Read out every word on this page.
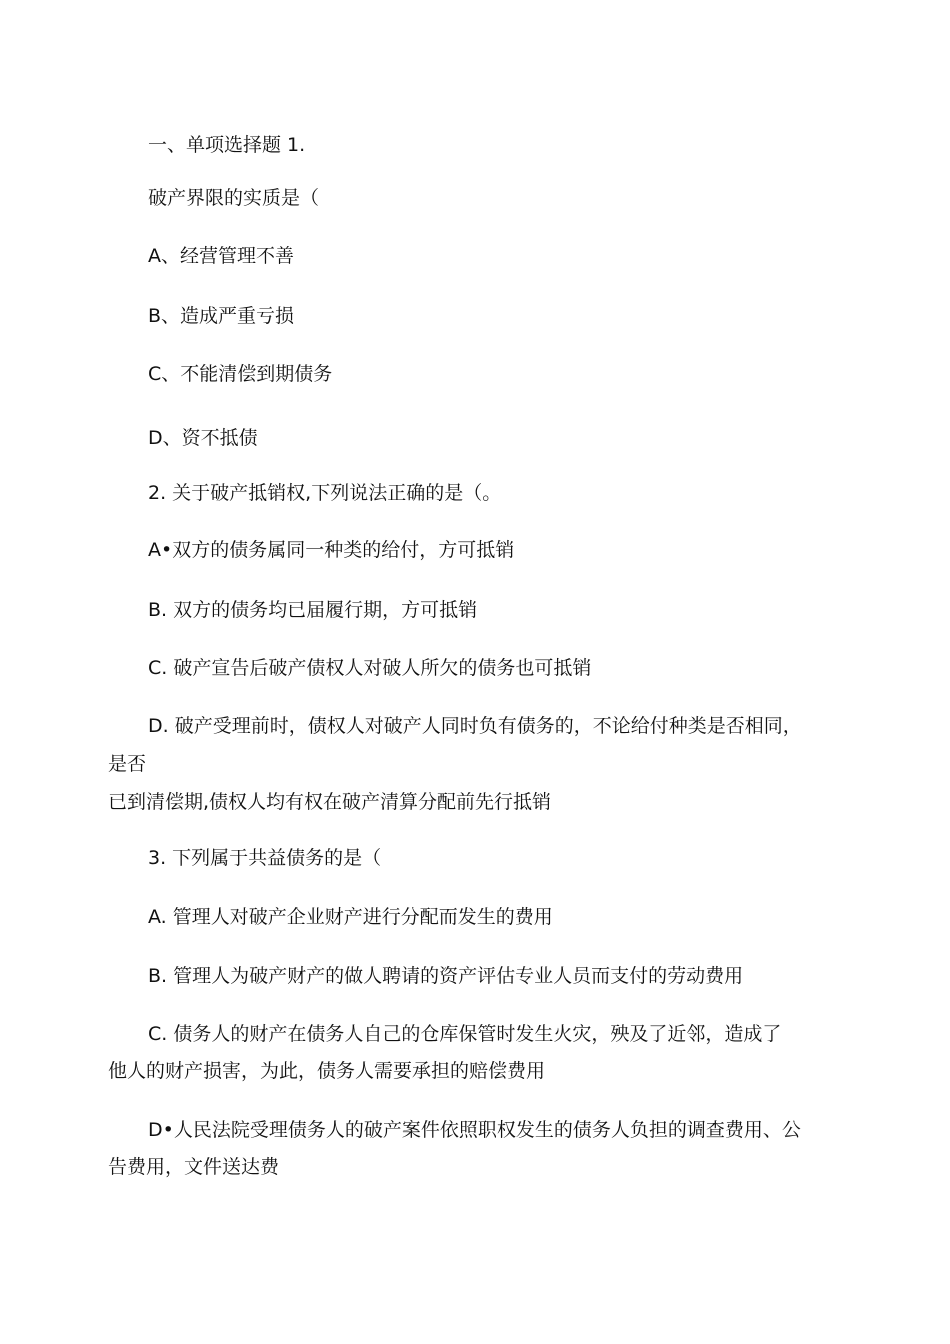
一、单项选择题 1.
破产界限的实质是（
A、经营管理不善
B、造成严重亏损
C、不能清偿到期债务
D、资不抵债
2. 关于破产抵销权,下列说法正确的是（。
A•双方的债务属同一种类的给付，方可抵销
B. 双方的债务均已届履行期，方可抵销
C. 破产宣告后破产债权人对破人所欠的债务也可抵销
D. 破产受理前时，债权人对破产人同时负有债务的，不论给付种类是否相同，
是否
已到清偿期,债权人均有权在破产清算分配前先行抵销
3. 下列属于共益债务的是（
A. 管理人对破产企业财产进行分配而发生的费用
B. 管理人为破产财产的做人聘请的资产评估专业人员而支付的劳动费用
C. 债务人的财产在债务人自己的仓库保管时发生火灾，殃及了近邻，造成了
他人的财产损害，为此，债务人需要承担的赔偿费用
D•人民法院受理债务人的破产案件依照职权发生的债务人负担的调查费用、公
告费用，文件送达费
